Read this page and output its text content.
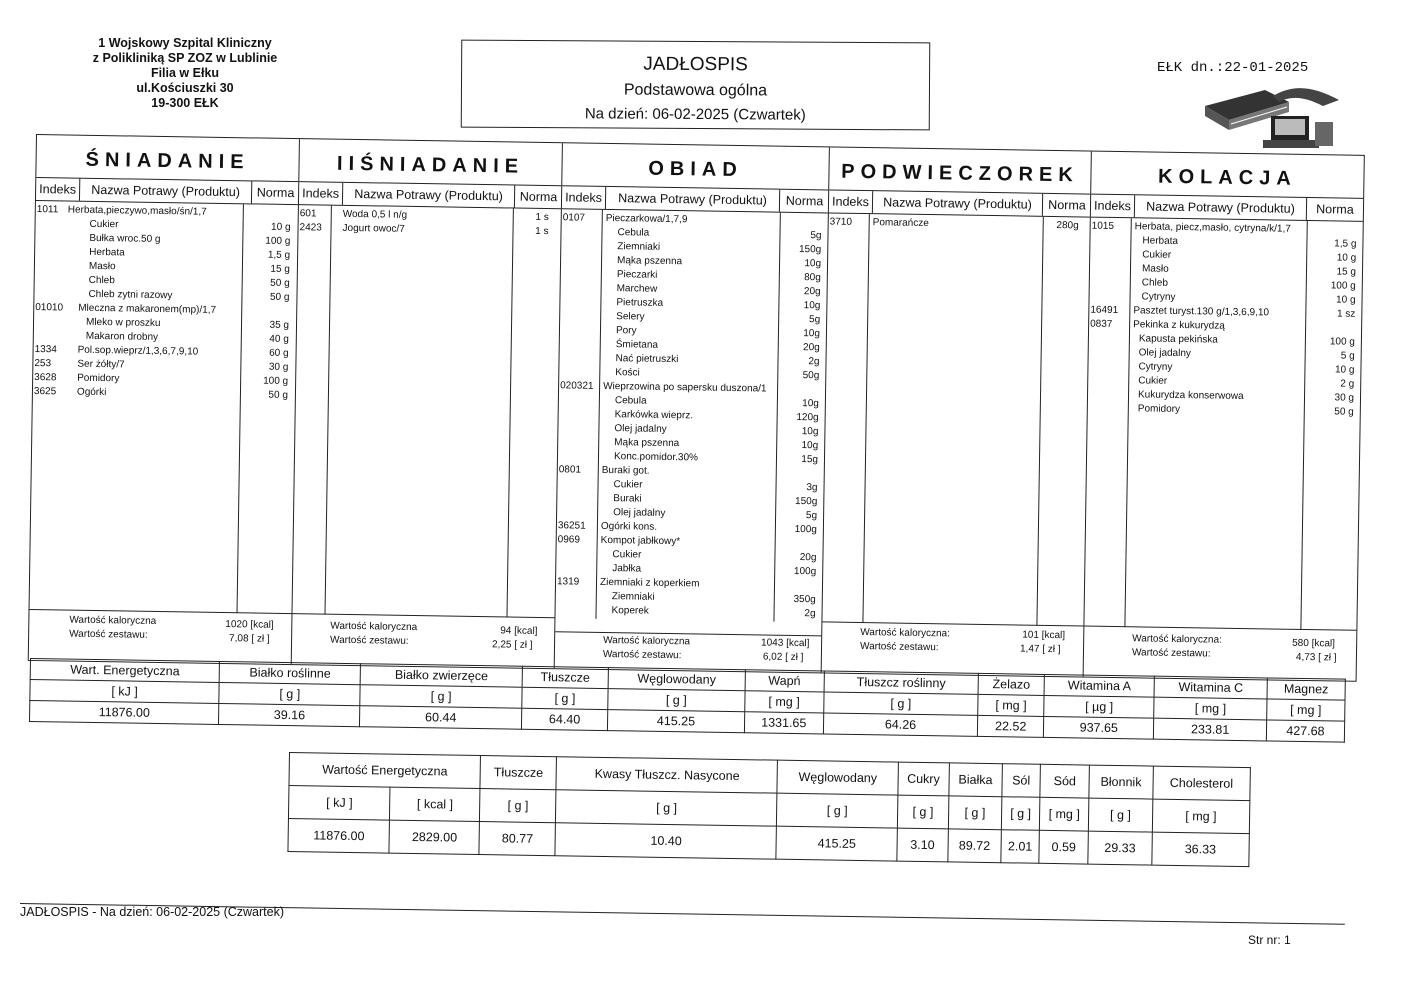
1 Wojskowy Szpital Kliniczny
z Polikliniką SP ZOZ w Lublinie
Filia w Ełku
ul.Kościuszki 30
19-300 EŁK
JADŁOSPIS
Podstawowa ogólna
Na dzień: 06-02-2025 (Czwartek)
EŁK dn.:22-01-2025
ŚNIADANIE
Indeks	Nazwa Potrawy (Produktu)	Norma
1011 Herbata,pieczywo,masło/śn/1,7
Cukier	10 g
Bułka wroc.50 g	100 g
Herbata	1,5 g
Masło	15 g
Chleb	50 g
Chleb zytni razowy	50 g
01010 Mleczna z makaronem(mp)/1,7
Mleko w proszku	35 g
Makaron drobny	40 g
1334 Pol.sop.wieprz/1,3,6,7,9,10	60 g
253	Ser żółty/7	30 g
3628 Pomidory	100 g
3625 Ogórki	50 g
Wartość kaloryczna	1020 [kcal]
Wartość zestawu:	7,08 [ zł ]
IIŚNIADANIE
Indeks	Nazwa Potrawy (Produktu)	Norma
601	Woda 0,5 l n/g	1 s
2423 Jogurt owoc/7	1 s
Wartość kaloryczna	94 [kcal]
Wartość zestawu:	2,25 [ zł ]
OBIAD
Indeks	Nazwa Potrawy (Produktu)	Norma
0107 Pieczarkowa/1,7,9
Cebula	5g
Ziemniaki	150g
Mąka pszenna	10g
Pieczarki	80g
Marchew	20g
Pietruszka	10g
Selery	5g
Pory	10g
Śmietana	20g
Nać pietruszki	2g
Kości	50g
020321 Wieprzowina po sapersku duszona/1
Cebula	10g
Karkówka wieprz.	120g
Olej jadalny	10g
Mąka pszenna	10g
Konc.pomidor.30%	15g
0801 Buraki got.
Cukier	3g
Buraki	150g
Olej jadalny	5g
36251 Ogórki kons.	100g
0969 Kompot jabłkowy*
Cukier	20g
Jabłka	100g
1319 Ziemniaki z koperkiem
Ziemniaki	350g
Koperek	2g
Wartość kaloryczna	1043 [kcal]
Wartość zestawu:	6,02 [ zł ]
PODWIECZOREK
Indeks	Nazwa Potrawy (Produktu)	Norma
3710 Pomarańcze	280g
Wartość kaloryczna:	101 [kcal]
Wartość zestawu:	1,47 [ zł ]
KOLACJA
Indeks	Nazwa Potrawy (Produktu)	Norma
1015 Herbata, piecz,masło, cytryna/k/1,7
Herbata	1,5 g
Cukier	10 g
Masło	15 g
Chleb	100 g
Cytryny	10 g
16491 Pasztet turyst.130 g/1,3,6,9,10	1 sz
0837 Pekinka z kukurydzą
Kapusta pekińska	100 g
Olej jadalny	5 g
Cytryny	10 g
Cukier	2 g
Kukurydza konserwowa	30 g
Pomidory	50 g
Wartość kaloryczna:	580 [kcal]
Wartość zestawu:	4,73 [ zł ]
Wart. Energetyczna	Białko roślinne	Białko zwierzęce	Tłuszcze	Węglowodany	Wapń	Tłuszcz roślinny	Żelazo	Witamina A	Witamina C	Magnez
[ kJ ]	[ g ]	[ g ]	[ g ]	[ g ]	[ mg ]	[ g ]	[ mg ]	[ µg ]	[ mg ]	[ mg ]
11876.00	39.16	60.44	64.40	415.25	1331.65	64.26	22.52	937.65	233.81	427.68
Wartość Energetyczna		Tłuszcze	Kwasy Tłuszcz. Nasycone	Węglowodany	Cukry	Białka	Sól	Sód	Błonnik	Cholesterol
[ kJ ]	[ kcal ]	[ g ]	[ g ]	[ g ]	[ g ]	[ g ]	[ g ]	[ mg ]	[ g ]	[ mg ]
11876.00	2829.00	80.77	10.40	415.25	3.10	89.72	2.01	0.59	29.33	36.33
JADŁOSPIS - Na dzień: 06-02-2025 (Czwartek)
Str nr: 1
